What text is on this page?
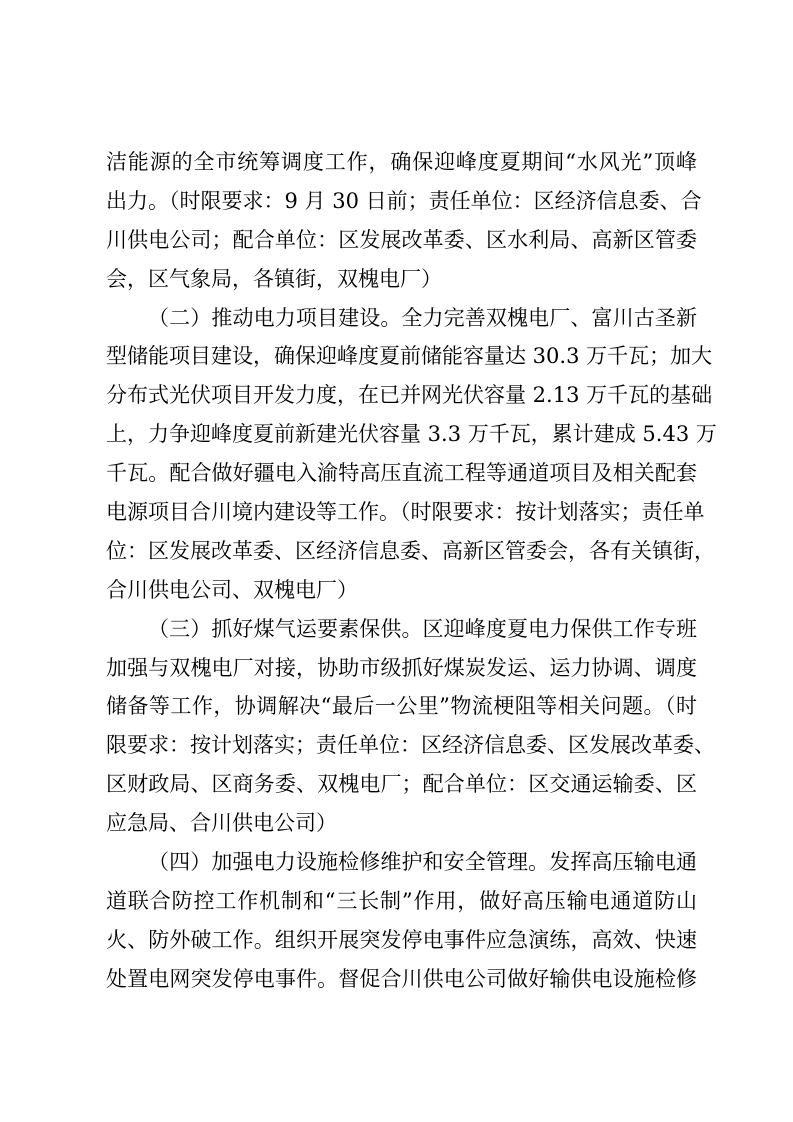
洁能源的全市统筹调度工作，确保迎峰度夏期间“水风光”顶峰
出力。（时限要求：9 月 30 日前；责任单位：区经济信息委、合
川供电公司；配合单位：区发展改革委、区水利局、高新区管委
会，区气象局，各镇街，双槐电厂）
（二）推动电力项目建设。全力完善双槐电厂、富川古圣新
型储能项目建设，确保迎峰度夏前储能容量达 30.3 万千瓦；加大
分布式光伏项目开发力度，在已并网光伏容量 2.13 万千瓦的基础
上，力争迎峰度夏前新建光伏容量 3.3 万千瓦，累计建成 5.43 万
千瓦。配合做好疆电入渝特高压直流工程等通道项目及相关配套
电源项目合川境内建设等工作。（时限要求：按计划落实；责任单
位：区发展改革委、区经济信息委、高新区管委会，各有关镇街，
合川供电公司、双槐电厂）
（三）抓好煤气运要素保供。区迎峰度夏电力保供工作专班
加强与双槐电厂对接，协助市级抓好煤炭发运、运力协调、调度
储备等工作，协调解决“最后一公里”物流梗阻等相关问题。（时
限要求：按计划落实；责任单位：区经济信息委、区发展改革委、
区财政局、区商务委、双槐电厂；配合单位：区交通运输委、区
应急局、合川供电公司）
（四）加强电力设施检修维护和安全管理。发挥高压输电通
道联合防控工作机制和“三长制”作用，做好高压输电通道防山
火、防外破工作。组织开展突发停电事件应急演练，高效、快速
处置电网突发停电事件。督促合川供电公司做好输供电设施检修
